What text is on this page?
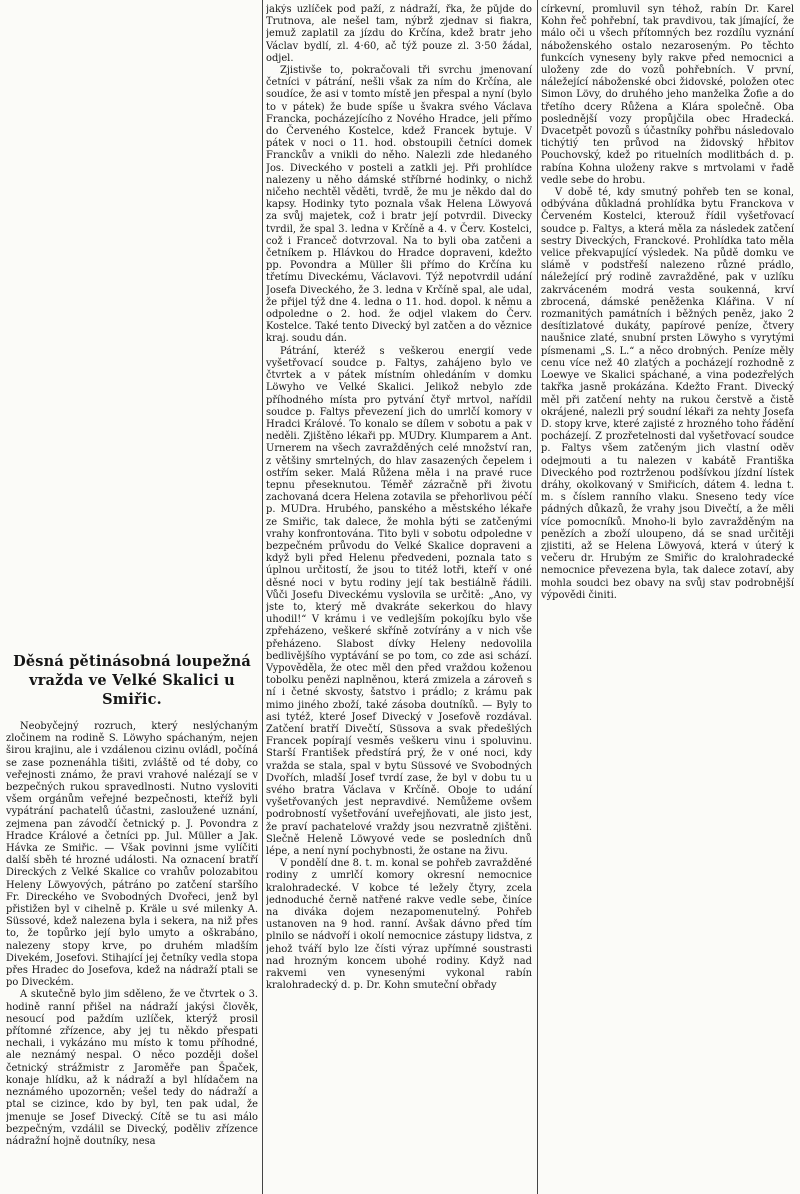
Děsná pětinásobná loupežná vražda ve Velké Skalici u Smiřic.

Neobyčejný rozruch, který neslýchaným zločinem na rodině S. Löwyho spáchaným, nejen širou krajinu, ale i vzdálenou cizinu ovládl, počíná se zase poznenáhla tišiti, zvláště od té doby, co veřejnosti známo, že pravi vrahové nalézají se v bezpečných rukou spravedlnosti. Nutno vysloviti všem orgánům veřejné bezpečnosti, kteříž byli vypátrání pachatelů účastni, zasloužené uznání, zejmena pan závodčí četnický p. J. Povondra z Hradce Králové a četníci pp. Jul. Müller a Jak. Hávka ze Smiřic. — Však povinni jsme vylíčiti další sběh té hrozné události. Na oznacení bratří Direckých z Velké Skalice co vrahův polozabitou Heleny Löwyových, pátráno po zatčení staršího Fr. Direckého ve Svobodných Dvořeci, jenž byl přistižen byl v cihelně p. Kräle u své milenky A. Süssové, kdež nalezena byla i sekera, na niž přes to, že topůrko její bylo umyto a oškrabáno, nalezeny stopy krve, po druhém mladším Divekém, Josefovi. Stihající jej četníky vedla stopa přes Hradec do Josefova, kdež na nádraží ptali se po Diveckém.

A skutečně bylo jim sděleno, že ve čtvrtek o 3. hodině ranní přišel na nádraží jakýsi člověk, nesoucí pod paždím uzlíček, kterýž prosil přítomné zřízence, aby jej tu někdo přespati nechali, i vykázáno mu místo k tomu příhodné, ale neznámý nespal. O něco později došel četnický strážmistr z Jaroměře pan Špaček, konaje hlídku, až k nádraží a byl hlídačem na neznámého upozorněn; vešel tedy do nádraží a ptal se cizince, kdo by byl, ten pak udal, že jmenuje se Josef Divecký. Cítě se tu asi málo bezpečným, vzdálil se Divecký, poděliv zřízence nádražní hojně doutníky, nesa

jakýs uzlíček pod paží, z nádraží, řka, že půjde do Trutnova, ale nešel tam, nýbrž zjednav si fiakra, jemuž zaplatil za jízdu do Krčína, kdež bratr jeho Václav bydlí, zl. 4·60, ač týž pouze zl. 3·50 žádal, odjel.

Zjistivše to, pokračovali tři svrchu jmenovaní četníci v pátrání, nešli však za ním do Krčína, ale soudíce, že asi v tomto místě jen přespal a nyní (bylo to v pátek) že bude spíše u švakra svého Václava Francka, pocházejícího z Nového Hradce, jeli přímo do Červeného Kostelce, kdež Francek bytuje. V pátek v noci o 11. hod. obstoupili četníci domek Franckův a vnikli do něho. Nalezli zde hledaného Jos. Diveckého v posteli a zatkli jej. Při prohlídce nalezeny u něho dámské stříbrné hodinky, o nichž ničeho nechtěl věděti, tvrdě, že mu je někdo dal do kapsy. Hodinky tyto poznala však Helena Löwyová za svůj majetek, což i bratr její potvrdil. Divecky tvrdil, že spal 3. ledna v Krčíně a 4. v Červ. Kostelci, což i Franceč dotvrzoval. Na to byli oba zatčeni a četníkem p. Hlávkou do Hradce dopraveni, kdežto pp. Povondra a Müller šli přímo do Krčína ku třetímu Diveckému, Václavovi. Týž nepotvrdil udání Josefa Diveckého, že 3. ledna v Krčíně spal, ale udal, že přijel týž dne 4. ledna o 11. hod. dopol. k němu a odpoledne o 2. hod. že odjel vlakem do Červ. Kostelce. Také tento Divecký byl zatčen a do věznice kraj. soudu dán.

Pátrání, kteréž s veškerou energií vede vyšetřovací soudce p. Faltys, zahájeno bylo ve čtvrtek a v pátek místním ohledáním v domku Löwyho ve Velké Skalici. Jelikož nebylo zde příhodného místa pro pytvání čtyř mrtvol, nařídil soudce p. Faltys převezení jich do umrlčí komory v Hradci Králové. To konalo se dílem v sobotu a pak v neděli. Zjištěno lékaři pp. MUDry. Klumparem a Ant. Urnerem na všech zavražděných celé množství ran, z většiny smrtelných, do hlav zasazených čepelem i ostřím seker. Malá Růžena měla i na pravé ruce tepnu přeseknutou. Téměř zázračně při životu zachovaná dcera Helena zotavila se přehorlivou péčí p. MUDra. Hrubého, panského a městského lékaře ze Smiřic, tak dalece, že mohla býti se zatčenými vrahy konfrontována. Tito byli v sobotu odpoledne v bezpečném průvodu do Velké Skalice dopraveni a když byli před Helenu předvedeni, poznala tato s úplnou určitostí, že jsou to titéž lotři, kteří v oné děsné noci v bytu rodiny její tak bestiálně řádili. Vůči Josefu Diveckému vyslovila se určitě: „Ano, vy jste to, který mě dvakráte sekerkou do hlavy uhodil!“ V krámu i ve vedlejším pokojíku bylo vše zpřeházeno, veškeré skříně zotvírány a v nich vše přeházeno. Slabost dívky Heleny nedovolila bedlivějšího vyptávání se po tom, co zde asi schází. Vypověděla, že otec měl den před vraždou koženou tobolku penězi naplněnou, která zmizela a zároveň s ní i četné skvosty, šatstvo i prádlo; z krámu pak mimo jiného zboží, také zásoba doutníků. — Byly to asi tytéž, které Josef Divecký v Josefově rozdával. Zatčení bratří Divečtí, Süssova a svak předešlých Francek popírají vesměs veškeru vinu i spoluvinu. Starší František předstírá prý, že v oné noci, kdy vražda se stala, spal v bytu Süssové ve Svobodných Dvořích, mladší Josef tvrdí zase, že byl v dobu tu u svého bratra Václava v Krčíně. Oboje to udání vyšetřovaných jest nepravdivé. Nemůžeme ovšem podrobností vyšetřování uveřejňovati, ale jisto jest, že praví pachatelové vraždy jsou nezvratně zjištěni. Slečně Heleně Löwyové vede se posledních dnů lépe, a není nyní pochybnosti, že ostane na živu.

V pondělí dne 8. t. m. konal se pohřeb zavražděné rodiny z umrlčí komory okresní nemocnice kralohradecké. V kobce té ležely čtyry, zcela jednoduché černě natřené rakve vedle sebe, činíce na diváka dojem nezapomenutelný. Pohřeb ustanoven na 9 hod. ranní. Avšak dávno před tím plnilo se nádvoří i okolí nemocnice zástupy lidstva, z jehož tváří bylo lze čísti výraz upřímné soustrasti nad hrozným koncem ubohé rodiny. Když nad rakvemi ven vynesenými vykonal rabín kralohradecký d. p. Dr. Kohn smuteční obřady

církevní, promluvil syn téhož, rabín Dr. Karel Kohn řeč pohřební, tak pravdivou, tak jímající, že málo oči u všech přítomných bez rozdílu vyznání náboženského ostalo nezaroseným. Po těchto funkcích vyneseny byly rakve před nemocnici a uloženy zde do vozů pohřebních. V první, náležející náboženské obci židovské, položen otec Simon Lövy, do druhého jeho manželka Žofie a do třetího dcery Růžena a Klára společně. Oba poslednější vozy propůjčila obec Hradecká. Dvacetpět povozů s účastníky pohřbu následovalo tichýtiý ten průvod na židovský hřbitov Pouchovský, kdež po rituelních modlitbách d. p. rabína Kohna uloženy rakve s mrtvolami v řadě vedle sebe do hrobu.

V době té, kdy smutný pohřeb ten se konal, odbývána důkladná prohlídka bytu Franckova v Červeném Kostelci, kterouž řídil vyšetřovací soudce p. Faltys, a která měla za následek zatčení sestry Diveckých, Franckové. Prohlídka tato měla velice překvapující výsledek. Na půdě domku ve slámě v podstřeší nalezeno různé prádlo, náležející prý rodině zavražděné, pak v uzlíku zakrváceném modrá vesta soukenná, krví zbrocená, dámské peněženka Klářina. V ní rozmanitých památních i běžných peněz, jako 2 desítizlatové dukáty, papírové peníze, čtvery naušnice zlaté, snubní prsten Löwyho s vyrytými písmenami „S. L.“ a něco drobných. Peníze měly cenu více než 40 zlatých a pocházejí rozhodně z Loewye ve Skalici spáchané, a vina podezřelých takřka jasně prokázána. Kdežto Frant. Divecký měl při zatčení nehty na rukou čerstvě a čistě okrájené, nalezli prý soudní lékaři za nehty Josefa D. stopy krve, které zajisté z hrozného toho řádění pocházejí. Z prozřetelnosti dal vyšetřovací soudce p. Faltys všem zatčeným jich vlastní oděv odejmouti a tu nalezen v kabátě Františka Diveckého pod roztrženou podšívkou jízdní lístek dráhy, okolkovaný v Smiřicích, dátem 4. ledna t. m. s číslem ranního vlaku. Sneseno tedy více pádných důkazů, že vrahy jsou Divečtí, a že měli více pomocníků. Mnoho-li bylo zavražděným na penězích a zboží uloupeno, dá se snad určitěji zjistiti, až se Helena Löwyová, která v úterý k večeru dr. Hrubým ze Smiřic do kralohradecké nemocnice převezena byla, tak dalece zotaví, aby mohla soudci bez obavy na svůj stav podrobnější výpovědi činiti.
